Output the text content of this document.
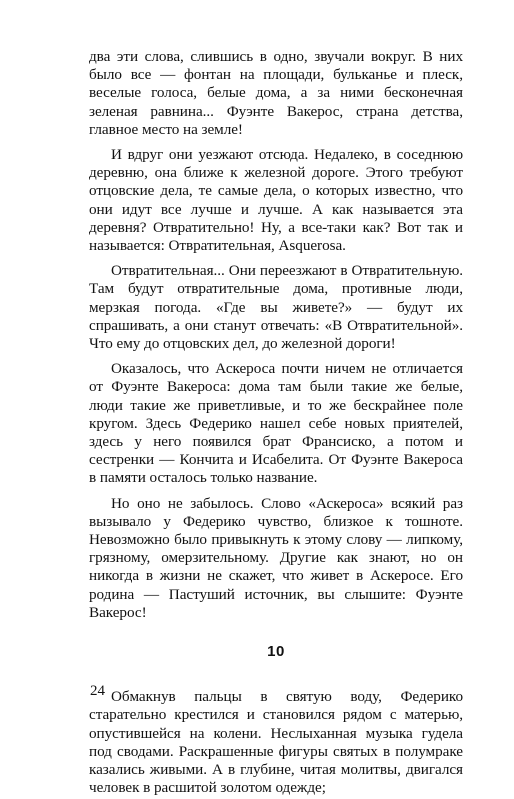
два эти слова, слившись в одно, звучали вокруг. В них было все — фонтан на площади, бульканье и плеск, веселые голоса, белые дома, а за ними бесконечная зеленая равнина... Фуэнте Вакерос, страна детства, главное место на земле!

И вдруг они уезжают отсюда. Недалеко, в соседнюю деревню, она ближе к железной дороге. Этого требуют отцовские дела, те самые дела, о которых известно, что они идут все лучше и лучше. А как называется эта деревня? Отвратительно! Ну, а все-таки как? Вот так и называется: Отвратительная, Asquerosa.

Отвратительная... Они переезжают в Отвратительную. Там будут отвратительные дома, противные люди, мерзкая погода. «Где вы живете?» — будут их спрашивать, а они станут отвечать: «В Отвратительной». Что ему до отцовских дел, до железной дороги!

Оказалось, что Аскероса почти ничем не отличается от Фуэнте Вакероса: дома там были такие же белые, люди такие же приветливые, и то же бескрайнее поле кругом. Здесь Федерико нашел себе новых приятелей, здесь у него появился брат Франсиско, а потом и сестренки — Кончита и Исабелита. От Фуэнте Вакероса в памяти осталось только название.

Но оно не забылось. Слово «Аскероса» всякий раз вызывало у Федерико чувство, близкое к тошноте. Невозможно было привыкнуть к этому слову — липкому, грязному, омерзительному. Другие как знают, но он никогда в жизни не скажет, что живет в Аскеросе. Его родина — Пастуший источник, вы слышите: Фуэнте Вакерос!

10

Обмакнув пальцы в святую воду, Федерико старательно крестился и становился рядом с матерью, опустившейся на колени. Неслыханная музыка гудела под сводами. Раскрашенные фигуры святых в полумраке казались живыми. А в глубине, читая молитвы, двигался человек в расшитой золотом одежде;

24
